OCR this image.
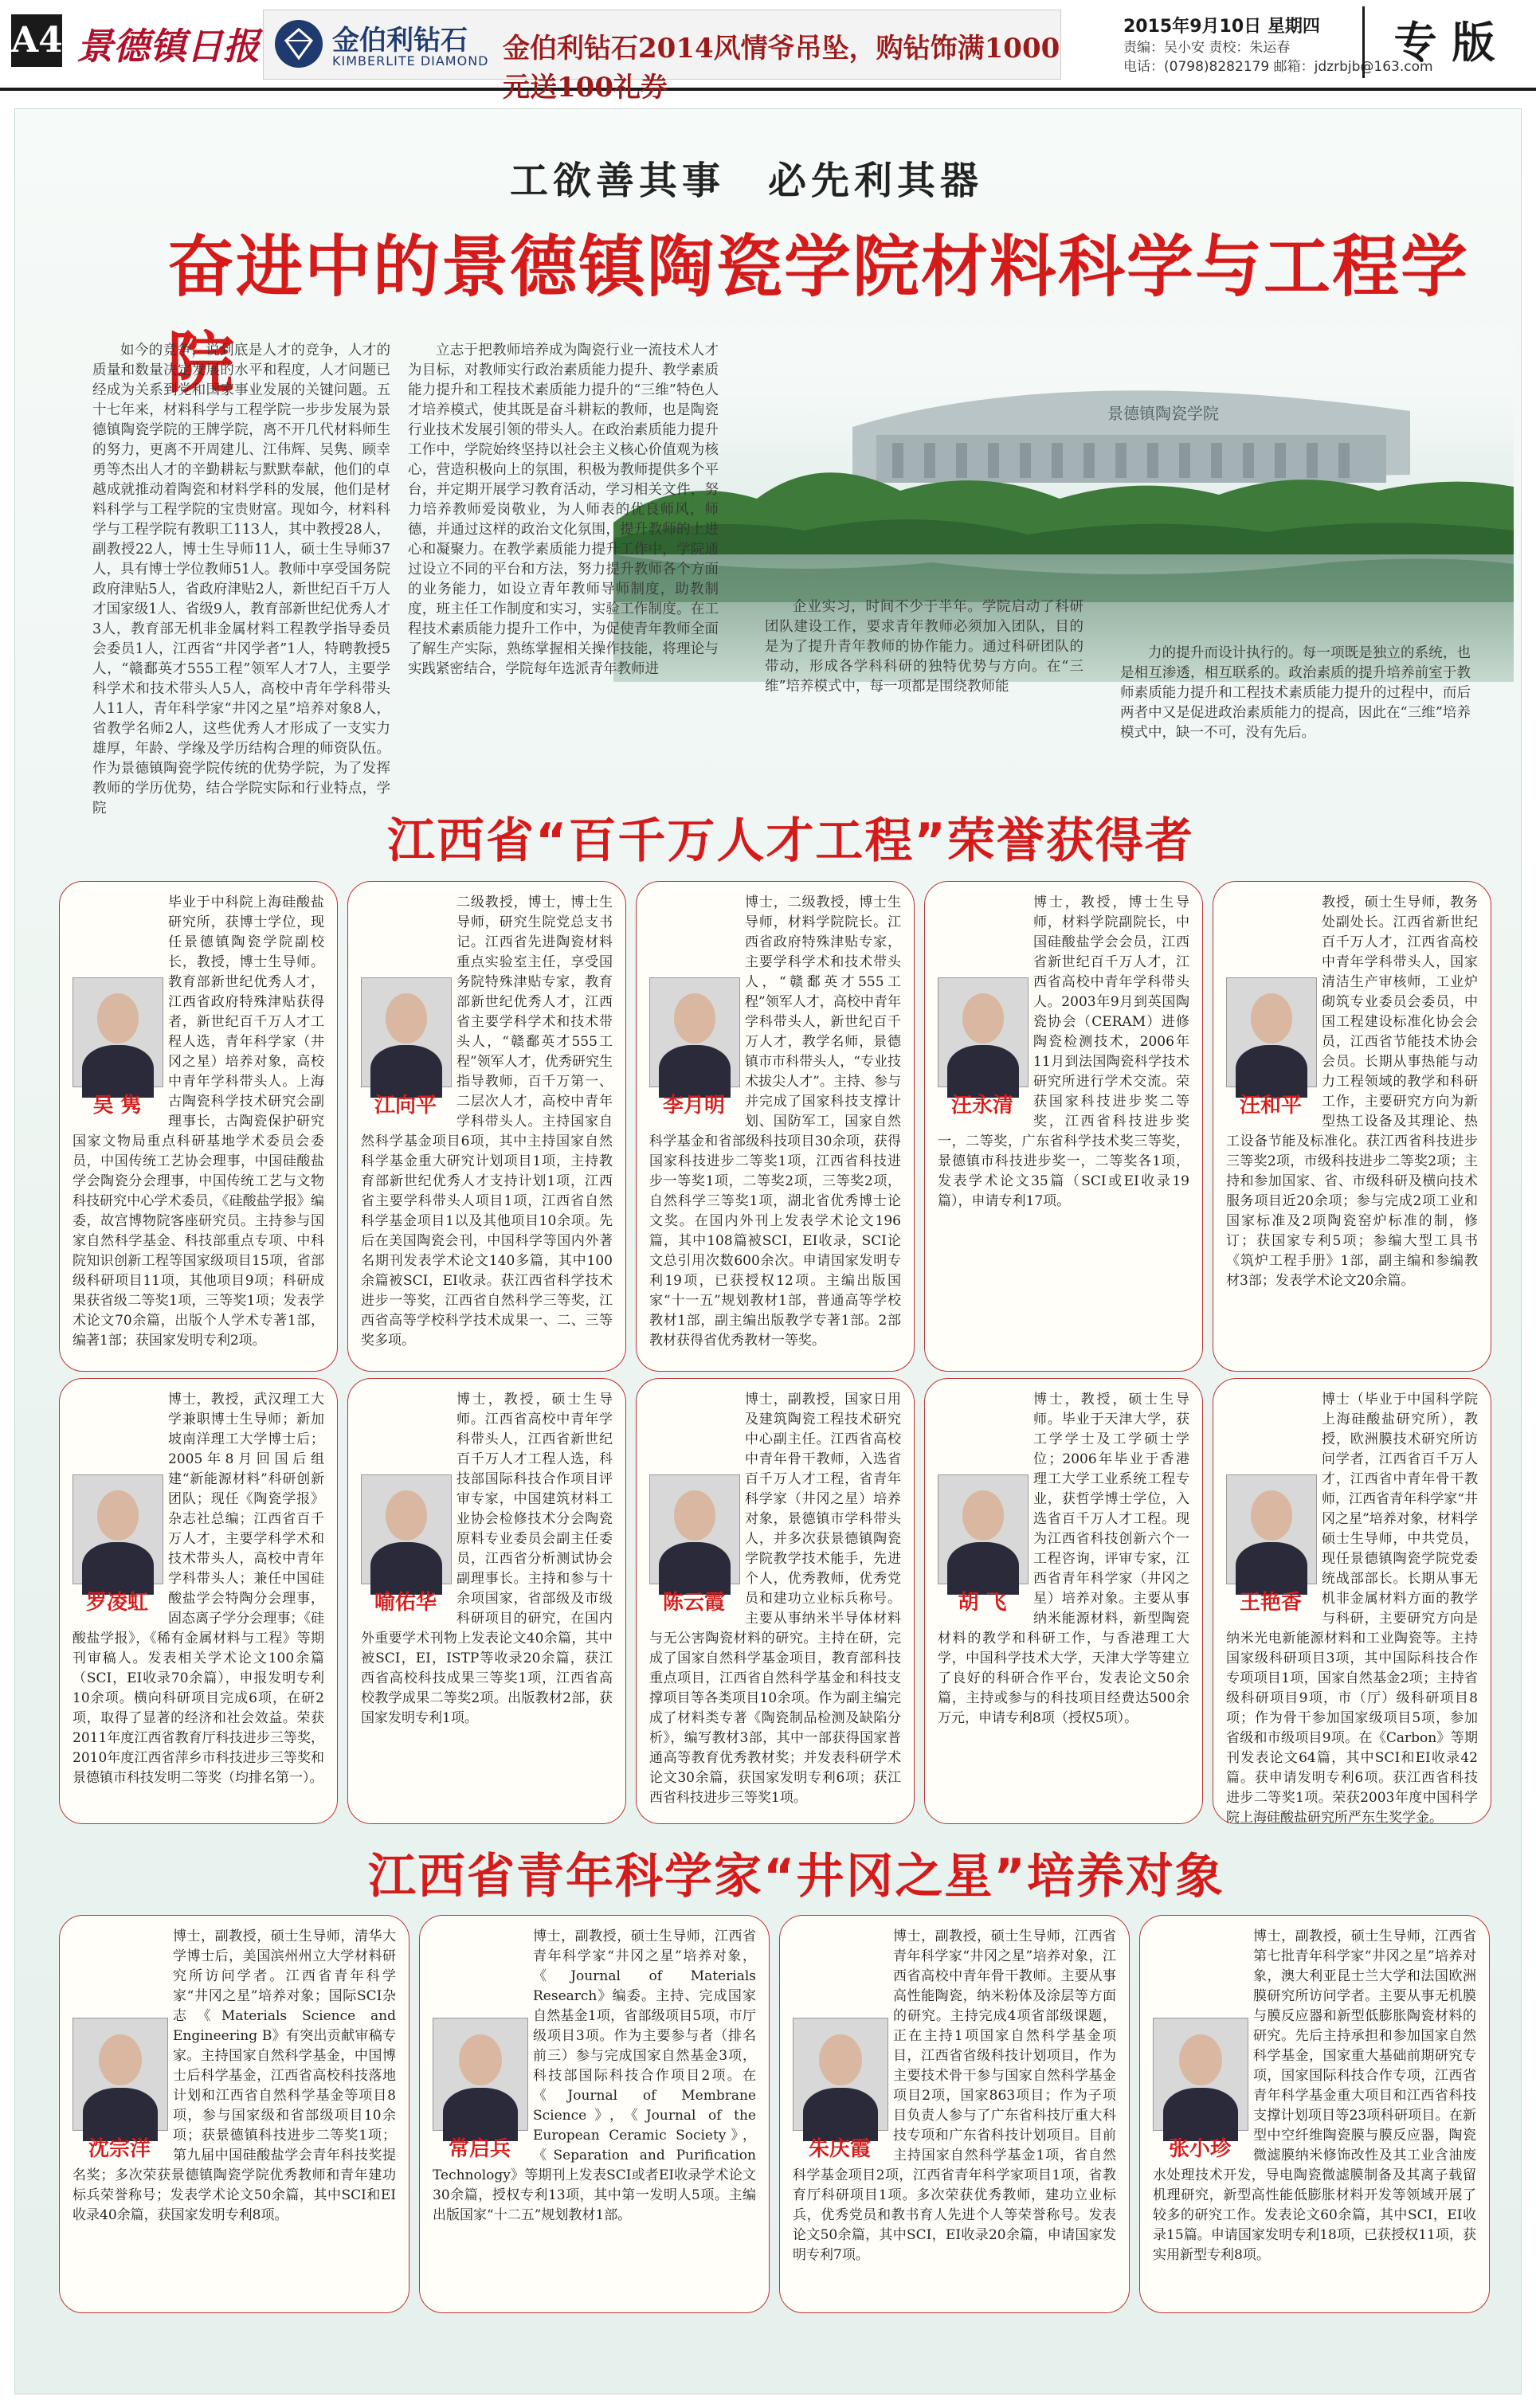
A4 景德镇日报	金伯利钻石
KIMBERLITE DIAMOND 金伯利钻石2014风情爷吊坠，购钻饰满1000元送100礼券
2015年9月10日 星期四
责编：吴小安 责校：朱运春
电话：(0798)8282179 邮箱：jdzrbjb@163.com
专 版
工欲善其事　必先利其器
奋进中的景德镇陶瓷学院材料科学与工程学院
景德镇陶瓷学院

如今的竞争，说到底是人才的竞争，人才的质量和数量决定发展的水平和程度，人才问题已经成为关系到党和国家事业发展的关键问题。五十七年来，材料科学与工程学院一步步发展为景德镇陶瓷学院的王牌学院，离不开几代材料师生的努力，更离不开周建儿、江伟辉、吴隽、顾幸勇等杰出人才的辛勤耕耘与默默奉献，他们的卓越成就推动着陶瓷和材料学科的发展，他们是材料科学与工程学院的宝贵财富。现如今，材料科学与工程学院有教职工113人，其中教授28人，副教授22人，博士生导师11人，硕士生导师37人，具有博士学位教师51人。教师中享受国务院政府津贴5人，省政府津贴2人，新世纪百千万人才国家级1人、省级9人，教育部新世纪优秀人才3人，教育部无机非金属材料工程教学指导委员会委员1人，江西省“井冈学者”1人，特聘教授5人，“赣鄱英才555工程”领军人才7人，主要学科学术和技术带头人5人，高校中青年学科带头人11人，青年科学家“井冈之星”培养对象8人，省教学名师2人，这些优秀人才形成了一支实力雄厚，年龄、学缘及学历结构合理的师资队伍。作为景德镇陶瓷学院传统的优势学院，为了发挥教师的学历优势，结合学院实际和行业特点，学院

立志于把教师培养成为陶瓷行业一流技术人才为目标，对教师实行政治素质能力提升、教学素质能力提升和工程技术素质能力提升的“三维”特色人才培养模式，使其既是奋斗耕耘的教师，也是陶瓷行业技术发展引领的带头人。在政治素质能力提升工作中，学院始终坚持以社会主义核心价值观为核心，营造积极向上的氛围，积极为教师提供多个平台，并定期开展学习教育活动，学习相关文件，努力培养教师爱岗敬业，为人师表的优良师风，师德，并通过这样的政治文化氛围，提升教师的上进心和凝聚力。在教学素质能力提升工作中，学院通过设立不同的平台和方法，努力提升教师各个方面的业务能力，如设立青年教师导师制度，助教制度，班主任工作制度和实习，实验工作制度。在工程技术素质能力提升工作中，为促使青年教师全面了解生产实际，熟练掌握相关操作技能，将理论与实践紧密结合，学院每年选派青年教师进

企业实习，时间不少于半年。学院启动了科研团队建设工作，要求青年教师必须加入团队，目的是为了提升青年教师的协作能力。通过科研团队的带动，形成各学科科研的独特优势与方向。在“三维”培养模式中，每一项都是围绕教师能

力的提升而设计执行的。每一项既是独立的系统，也是相互渗透，相互联系的。政治素质的提升培养前室于教师素质能力提升和工程技术素质能力提升的过程中，而后两者中又是促进政治素质能力的提高，因此在“三维”培养模式中，缺一不可，没有先后。

江西省“百千万人才工程”荣誉获得者
江西省青年科学家“井冈之星”培养对象
毕业于中科院上海硅酸盐研究所，获博士学位，现任景德镇陶瓷学院副校长，教授，博士生导师。教育部新世纪优秀人才，江西省政府特殊津贴获得者，新世纪百千万人才工程人选，青年科学家（井冈之星）培养对象，高校中青年学科带头人。上海古陶瓷科学技术研究会副理事长，古陶瓷保护研究国家文物局重点科研基地学术委员会委员，中国传统工艺协会理事，中国硅酸盐学会陶瓷分会理事，中国传统工艺与文物科技研究中心学术委员，《硅酸盐学报》编委，故宫博物院客座研究员。主持参与国家自然科学基金、科技部重点专项、中科院知识创新工程等国家级项目15项，省部级科研项目11项，其他项目9项；科研成果获省级二等奖1项，三等奖1项；发表学术论文70余篇，出版个人学术专著1部，编著1部；获国家发明专利2项。
吴 隽
二级教授，博士，博士生导师，研究生院党总支书记。江西省先进陶瓷材料重点实验室主任，享受国务院特殊津贴专家，教育部新世纪优秀人才，江西省主要学科学术和技术带头人，“赣鄱英才555工程”领军人才，优秀研究生指导教师，百千万第一、二层次人才，高校中青年学科带头人。主持国家自然科学基金项目6项，其中主持国家自然科学基金重大研究计划项目1项，主持教育部新世纪优秀人才支持计划1项，江西省主要学科带头人项目1项，江西省自然科学基金项目1以及其他项目10余项。先后在美国陶瓷会刊，中国科学等国内外著名期刊发表学术论文140多篇，其中100余篇被SCI，EI收录。获江西省科学技术进步一等奖，江西省自然科学三等奖，江西省高等学校科学技术成果一、二、三等奖多项。
江向平
博士，二级教授，博士生导师，材料学院院长。江西省政府特殊津贴专家，主要学科学术和技术带头人，“赣鄱英才555工程”领军人才，高校中青年学科带头人，新世纪百千万人才，教学名师，景德镇市市科带头人，“专业技术拔尖人才”。主持、参与并完成了国家科技支撑计划、国防军工，国家自然科学基金和省部级科技项目30余项，获得国家科技进步二等奖1项，江西省科技进步一等奖1项，二等奖2项，三等奖2项，自然科学三等奖1项，湖北省优秀博士论文奖。在国内外刊上发表学术论文196篇，其中108篇被SCI，EI收录，SCI论文总引用次数600余次。申请国家发明专利19项，已获授权12项。主编出版国家“十一五”规划教材1部，普通高等学校教材1部，副主编出版教学专著1部。2部教材获得省优秀教材一等奖。
李月明
博士，教授，博士生导师，材料学院副院长，中国硅酸盐学会会员，江西省新世纪百千万人才，江西省高校中青年学科带头人。2003年9月到英国陶瓷协会（CERAM）进修陶瓷检测技术，2006年11月到法国陶瓷科学技术研究所进行学术交流。荣获国家科技进步奖二等奖，江西省科技进步奖一，二等奖，广东省科学技术奖三等奖，景德镇市科技进步奖一，二等奖各1项，发表学术论文35篇（SCI或EI收录19篇），申请专利17项。
汪永清
教授，硕士生导师，教务处副处长。江西省新世纪百千万人才，江西省高校中青年学科带头人，国家清洁生产审核师，工业炉砌筑专业委员会委员，中国工程建设标准化协会会员，江西省节能技术协会会员。长期从事热能与动力工程领域的教学和科研工作，主要研究方向为新型热工设备及其理论、热工设备节能及标准化。获江西省科技进步三等奖2项，市级科技进步二等奖2项；主持和参加国家、省、市级科研及横向技术服务项目近20余项；参与完成2项工业和国家标准及2项陶瓷窑炉标准的制，修订；获国家专利5项；参编大型工具书《筑炉工程手册》1部，副主编和参编教材3部；发表学术论文20余篇。
汪和平
博士，教授，武汉理工大学兼职博士生导师；新加坡南洋理工大学博士后；2005年8月回国后组建“新能源材料”科研创新团队；现任《陶瓷学报》杂志社总编；江西省百千万人才，主要学科学术和技术带头人，高校中青年学科带头人；兼任中国硅酸盐学会特陶分会理事，固态离子学分会理事；《硅酸盐学报》，《稀有金属材料与工程》等期刊审稿人。发表相关学术论文100余篇（SCI，EI收录70余篇），申报发明专利10余项。横向科研项目完成6项，在研2项，取得了显著的经济和社会效益。荣获2011年度江西省教育厅科技进步三等奖，2010年度江西省萍乡市科技进步三等奖和景德镇市科技发明二等奖（均排名第一）。
罗凌虹
博士，教授，硕士生导师。江西省高校中青年学科带头人，江西省新世纪百千万人才工程人选，科技部国际科技合作项目评审专家，中国建筑材料工业协会检修技术分会陶瓷原料专业委员会副主任委员，江西省分析测试协会副理事长。主持和参与十余项国家，省部级及市级科研项目的研究，在国内外重要学术刊物上发表论文40余篇，其中被SCI，EI，ISTP等收录20余篇，获江西省高校科技成果三等奖1项，江西省高校教学成果二等奖2项。出版教材2部，获国家发明专利1项。
喻佑华
博士，副教授，国家日用及建筑陶瓷工程技术研究中心副主任。江西省高校中青年骨干教师，入选省百千万人才工程，省青年科学家（井冈之星）培养对象，景德镇市学科带头人，并多次获景德镇陶瓷学院教学技术能手，先进个人，优秀教师，优秀党员和建功立业标兵称号。主要从事纳米半导体材料与无公害陶瓷材料的研究。主持在研，完成了国家自然科学基金项目，教育部科技重点项目，江西省自然科学基金和科技支撑项目等各类项目10余项。作为副主编完成了材料类专著《陶瓷制品检测及缺陷分析》，编写教材3部，其中一部获得国家普通高等教育优秀教材奖；并发表科研学术论文30余篇，获国家发明专利6项；获江西省科技进步三等奖1项。
陈云霞
博士，教授，硕士生导师。毕业于天津大学，获工学学士及工学硕士学位；2006年毕业于香港理工大学工业系统工程专业，获哲学博士学位，入选省百千万人才工程。现为江西省科技创新六个一工程咨询，评审专家，江西省青年科学家（井冈之星）培养对象。主要从事纳米能源材料，新型陶瓷材料的教学和科研工作，与香港理工大学，中国科学技术大学，天津大学等建立了良好的科研合作平台，发表论文50余篇，主持或参与的科技项目经费达500余万元，申请专利8项（授权5项）。
胡 飞
博士（毕业于中国科学院上海硅酸盐研究所），教授，欧洲膜技术研究所访问学者，江西省百千万人才，江西省中青年骨干教师，江西省青年科学家“井冈之星”培养对象，材料学硕士生导师，中共党员，现任景德镇陶瓷学院党委统战部部长。长期从事无机非金属材料方面的教学与科研，主要研究方向是纳米光电新能源材料和工业陶瓷等。主持国家级科研项目3项，其中国际科技合作专项项目1项，国家自然基金2项；主持省级科研项目9项，市（厅）级科研项目8项；作为骨干参加国家级项目5项，参加省级和市级项目9项。在《Carbon》等期刊发表论文64篇，其中SCI和EI收录42篇。获申请发明专利6项。获江西省科技进步二等奖1项。荣获2003年度中国科学院上海硅酸盐研究所严东生奖学金。
王艳香
博士，副教授，硕士生导师，清华大学博士后，美国滨州州立大学材料研究所访问学者。江西省青年科学家“井冈之星”培养对象；国际SCI杂志《Materials Science and Engineering B》有突出贡献审稿专家。主持国家自然科学基金，中国博士后科学基金，江西省高校科技落地计划和江西省自然科学基金等项目8项，参与国家级和省部级项目10余项；获景德镇科技进步二等奖1项；第九届中国硅酸盐学会青年科技奖提名奖；多次荣获景德镇陶瓷学院优秀教师和青年建功标兵荣誉称号；发表学术论文50余篇，其中SCI和EI收录40余篇，获国家发明专利8项。
沈宗洋
博士，副教授，硕士生导师，江西省青年科学家“井冈之星”培养对象，《Journal of Materials Research》编委。主持、完成国家自然基金1项，省部级项目5项，市厅级项目3项。作为主要参与者（排名前三）参与完成国家自然基金3项，科技部国际科技合作项目2项。在《Journal of Membrane Science》，《Journal of the European Ceramic Society》，《Separation and Purification Technology》等期刊上发表SCI或者EI收录学术论文30余篇，授权专利13项，其中第一发明人5项。主编出版国家“十二五”规划教材1部。
常启兵
博士，副教授，硕士生导师，江西省青年科学家“井冈之星”培养对象，江西省高校中青年骨干教师。主要从事高性能陶瓷，纳米粉体及涂层等方面的研究。主持完成4项省部级课题，正在主持1项国家自然科学基金项目，江西省省级科技计划项目，作为主要技术骨干参与国家自然科学基金项目2项，国家863项目；作为子项目负责人参与了广东省科技厅重大科技专项和广东省科技计划项目。目前主持国家自然科学基金1项，省自然科学基金项目2项，江西省青年科学家项目1项，省教育厅科研项目1项。多次荣获优秀教师，建功立业标兵，优秀党员和教书育人先进个人等荣誉称号。发表论文50余篇，其中SCI，EI收录20余篇，申请国家发明专利7项。
朱庆霞
博士，副教授，硕士生导师，江西省第七批青年科学家“井冈之星”培养对象，澳大利亚昆士兰大学和法国欧洲膜研究所访问学者。主要从事无机膜与膜反应器和新型低膨胀陶瓷材料的研究。先后主持承担和参加国家自然科学基金，国家重大基础前期研究专项，国家国际科技合作专项，江西省青年科学基金重大项目和江西省科技支撑计划项目等23项科研项目。在新型中空纤维陶瓷膜与膜反应器，陶瓷微滤膜纳米修饰改性及其工业含油废水处理技术开发，导电陶瓷微滤膜制备及其离子载留机理研究，新型高性能低膨胀材料开发等领域开展了较多的研究工作。发表论文60余篇，其中SCI，EI收录15篇。申请国家发明专利18项，已获授权11项，获实用新型专利8项。
张小珍
